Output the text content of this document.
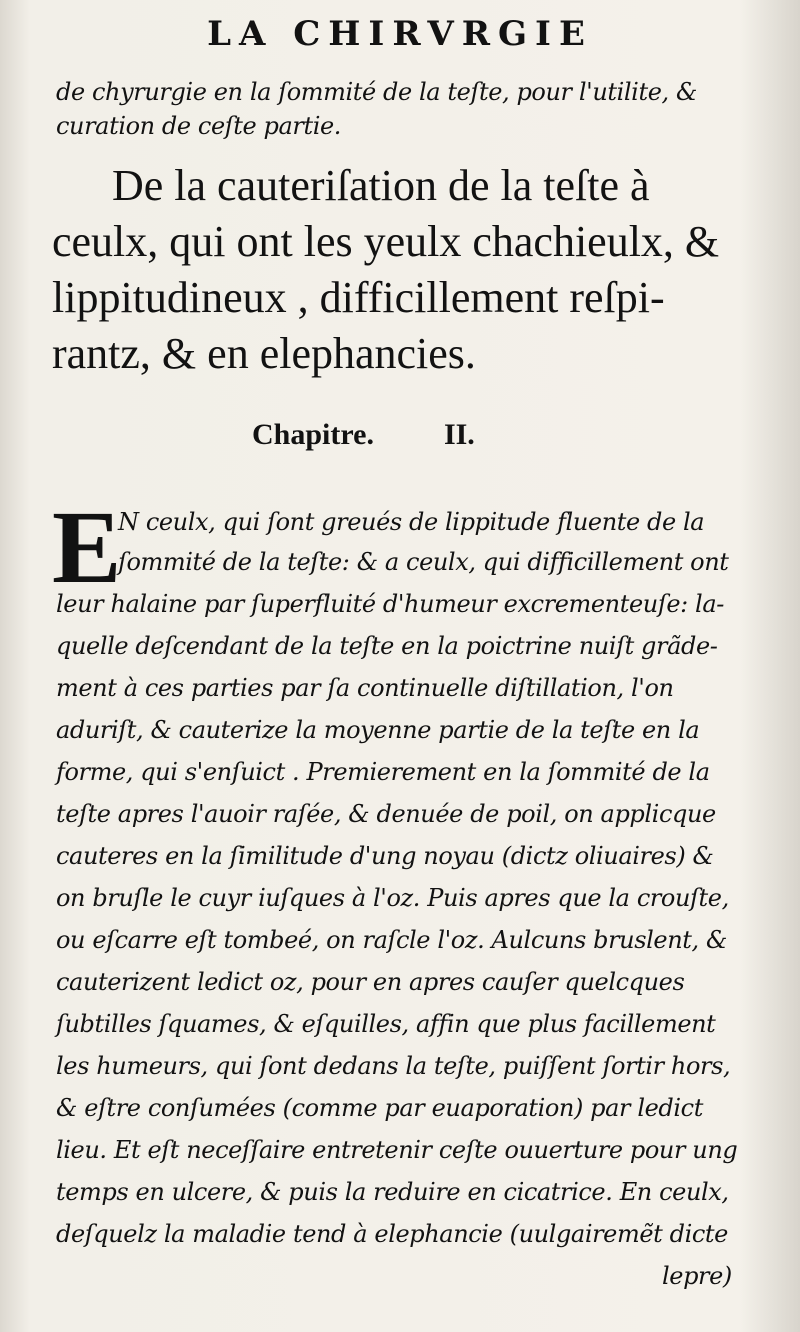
LA CHIRVRGIE
de chyrurgie en la ſommité de la teſte, pour l'utilite, &
curation de ceſte partie.
De la cauteriſation de la teſte à
ceulx, qui ont les yeulx chachieulx, &
lippitudineux , difficillement reſpi-
rantz, & en elephancies.
Chapitre. II.
E
N ceulx, qui ſont greués de lippitude fluente de la
ſommité de la teſte: & a ceulx, qui difficillement ont
leur halaine par ſuperfluité d'humeur excrementeuſe: la-
quelle deſcendant de la teſte en la poictrine nuiſt grãde-
ment à ces parties par ſa continuelle diſtillation, l'on
aduriſt, & cauterize la moyenne partie de la teſte en la
forme, qui s'enſuict . Premierement en la ſommité de la
teſte apres l'auoir raſée, & denuée de poil, on applicque
cauteres en la ſimilitude d'ung noyau (dictz oliuaires) &
on bruſle le cuyr iuſques à l'oz. Puis apres que la crouſte,
ou eſcarre eſt tombeé, on raſcle l'oz. Aulcuns bruslent, &
cauterizent ledict oz, pour en apres cauſer quelcques
ſubtilles ſquames, & eſquilles, affin que plus facillement
les humeurs, qui ſont dedans la teſte, puiſſent ſortir hors,
& eſtre conſumées (comme par euaporation) par ledict
lieu. Et eſt neceſſaire entretenir ceſte ouuerture pour ung
temps en ulcere, & puis la reduire en cicatrice. En ceulx,
deſquelz la maladie tend à elephancie (uulgairemẽt dicte
lepre)
